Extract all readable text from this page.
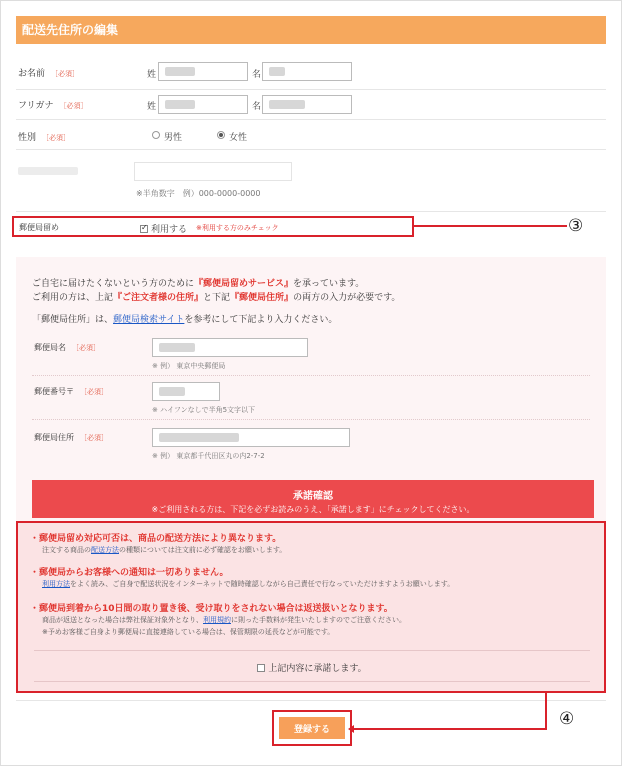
配送先住所の編集
お名前 ［必須］	姓	名
フリガナ ［必須］	姓	名
性別 ［必須］	男性	女性
※半角数字　例）000-0000-0000
郵便局留め
✓	利用する ※利用する方のみチェック	③
ご自宅に届けたくないという方のために『郵便局留めサービス』を承っています。
ご利用の方は、上記『ご注文者様の住所』と下記『郵便局住所』の両方の入力が必要です。
「郵便局住所」は、郵便局検索サイトを参考にして下記より入力ください。
郵便局名 ［必須］
※ 例） 東京中央郵便局
郵便番号〒 ［必須］
※ ハイフンなしで半角5文字以下
郵便局住所 ［必須］
※ 例） 東京都千代田区丸の内2-7-2
承諾確認
※ご利用される方は、下記を必ずお読みのうえ、「承諾します」にチェックしてください。
・郵便局留め対応可否は、商品の配送方法により異なります。
注文する商品の配送方法の種類については注文前に必ず確認をお願いします。
・郵便局からお客様への通知は一切ありません。
利用方法をよく読み、ご自身で配送状況をインターネットで随時確認しながら自己責任で行なっていただけますようお願いします。
・郵便局到着から10日間の取り置き後、受け取りをされない場合は返送扱いとなります。
商品が返送となった場合は弊社保証対象外となり、利用規約に則った手数料が発生いたしますのでご注意ください。
※予めお客様ご自身より郵便局に直接連絡している場合は、保管期限の延長などが可能です。
上記内容に承諾します。
登録する
④
